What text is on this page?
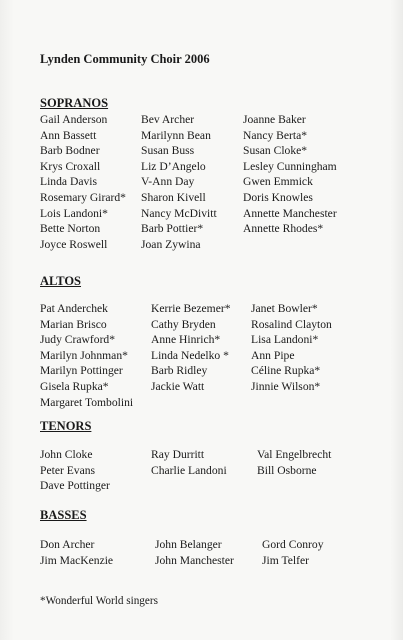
Lynden Community Choir 2006
SOPRANOS
Gail Anderson
Ann Bassett
Barb Bodner
Krys Croxall
Linda Davis
Rosemary Girard*
Lois Landoni*
Bette Norton
Joyce Roswell
Bev Archer
Marilynn Bean
Susan Buss
Liz D’Angelo
V-Ann Day
Sharon Kivell
Nancy McDivitt
Barb Pottier*
Joan Zywina
Joanne Baker
Nancy Berta*
Susan Cloke*
Lesley Cunningham
Gwen Emmick
Doris Knowles
Annette Manchester
Annette Rhodes*
ALTOS
Pat Anderchek
Marian Brisco
Judy Crawford*
Marilyn Johnman*
Marilyn Pottinger
Gisela Rupka*
Margaret Tombolini
Kerrie Bezemer*
Cathy Bryden
Anne Hinrich*
Linda Nedelko *
Barb Ridley
Jackie Watt
Janet Bowler*
Rosalind Clayton
Lisa Landoni*
Ann Pipe
Céline Rupka*
Jinnie Wilson*
TENORS
John Cloke
Peter Evans
Dave Pottinger
Ray Durritt
Charlie Landoni
Val Engelbrecht
Bill Osborne
BASSES
Don Archer
Jim MacKenzie
John Belanger
John Manchester
Gord Conroy
Jim Telfer
*Wonderful World singers
